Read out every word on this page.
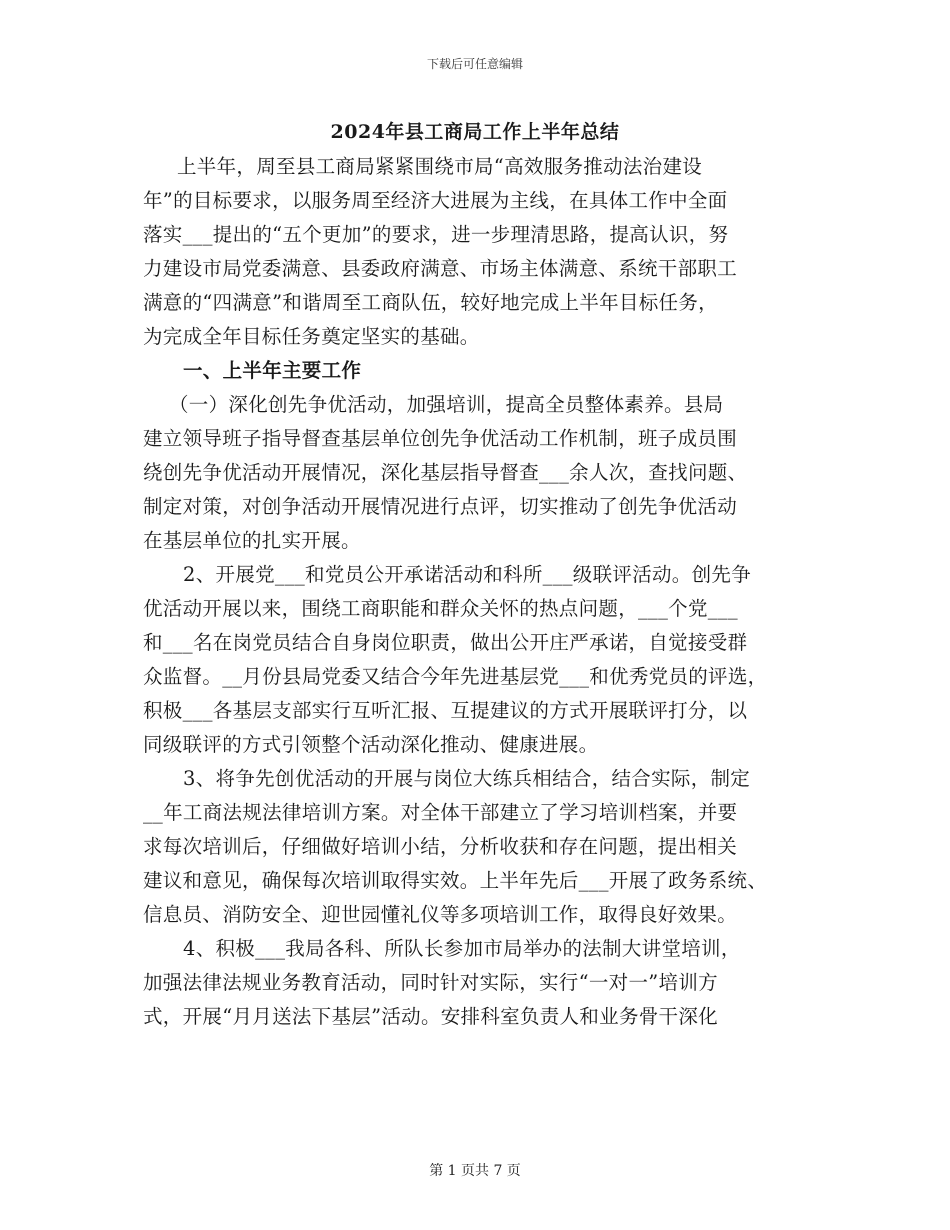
下载后可任意编辑
2024年县工商局工作上半年总结
上半年，周至县工商局紧紧围绕市局“高效服务推动法治建设
年”的目标要求，以服务周至经济大进展为主线，在具体工作中全面
落实___提出的“五个更加”的要求，进一步理清思路，提高认识，努
力建设市局党委满意、县委政府满意、市场主体满意、系统干部职工
满意的“四满意”和谐周至工商队伍，较好地完成上半年目标任务，
为完成全年目标任务奠定坚实的基础。
一、上半年主要工作
（一）深化创先争优活动，加强培训，提高全员整体素养。县局
建立领导班子指导督查基层单位创先争优活动工作机制，班子成员围
绕创先争优活动开展情况，深化基层指导督查___余人次，查找问题、
制定对策，对创争活动开展情况进行点评，切实推动了创先争优活动
在基层单位的扎实开展。
2、开展党___和党员公开承诺活动和科所___级联评活动。创先争
优活动开展以来，围绕工商职能和群众关怀的热点问题，___个党___
和___名在岗党员结合自身岗位职责，做出公开庄严承诺，自觉接受群
众监督。__月份县局党委又结合今年先进基层党___和优秀党员的评选，
积极___各基层支部实行互听汇报、互提建议的方式开展联评打分，以
同级联评的方式引领整个活动深化推动、健康进展。
3、将争先创优活动的开展与岗位大练兵相结合，结合实际，制定
__年工商法规法律培训方案。对全体干部建立了学习培训档案，并要
求每次培训后，仔细做好培训小结，分析收获和存在问题，提出相关
建议和意见，确保每次培训取得实效。上半年先后___开展了政务系统、
信息员、消防安全、迎世园懂礼仪等多项培训工作，取得良好效果。
4、积极___我局各科、所队长参加市局举办的法制大讲堂培训，
加强法律法规业务教育活动，同时针对实际，实行“一对一”培训方
式，开展“月月送法下基层”活动。安排科室负责人和业务骨干深化
第 1 页共 7 页
